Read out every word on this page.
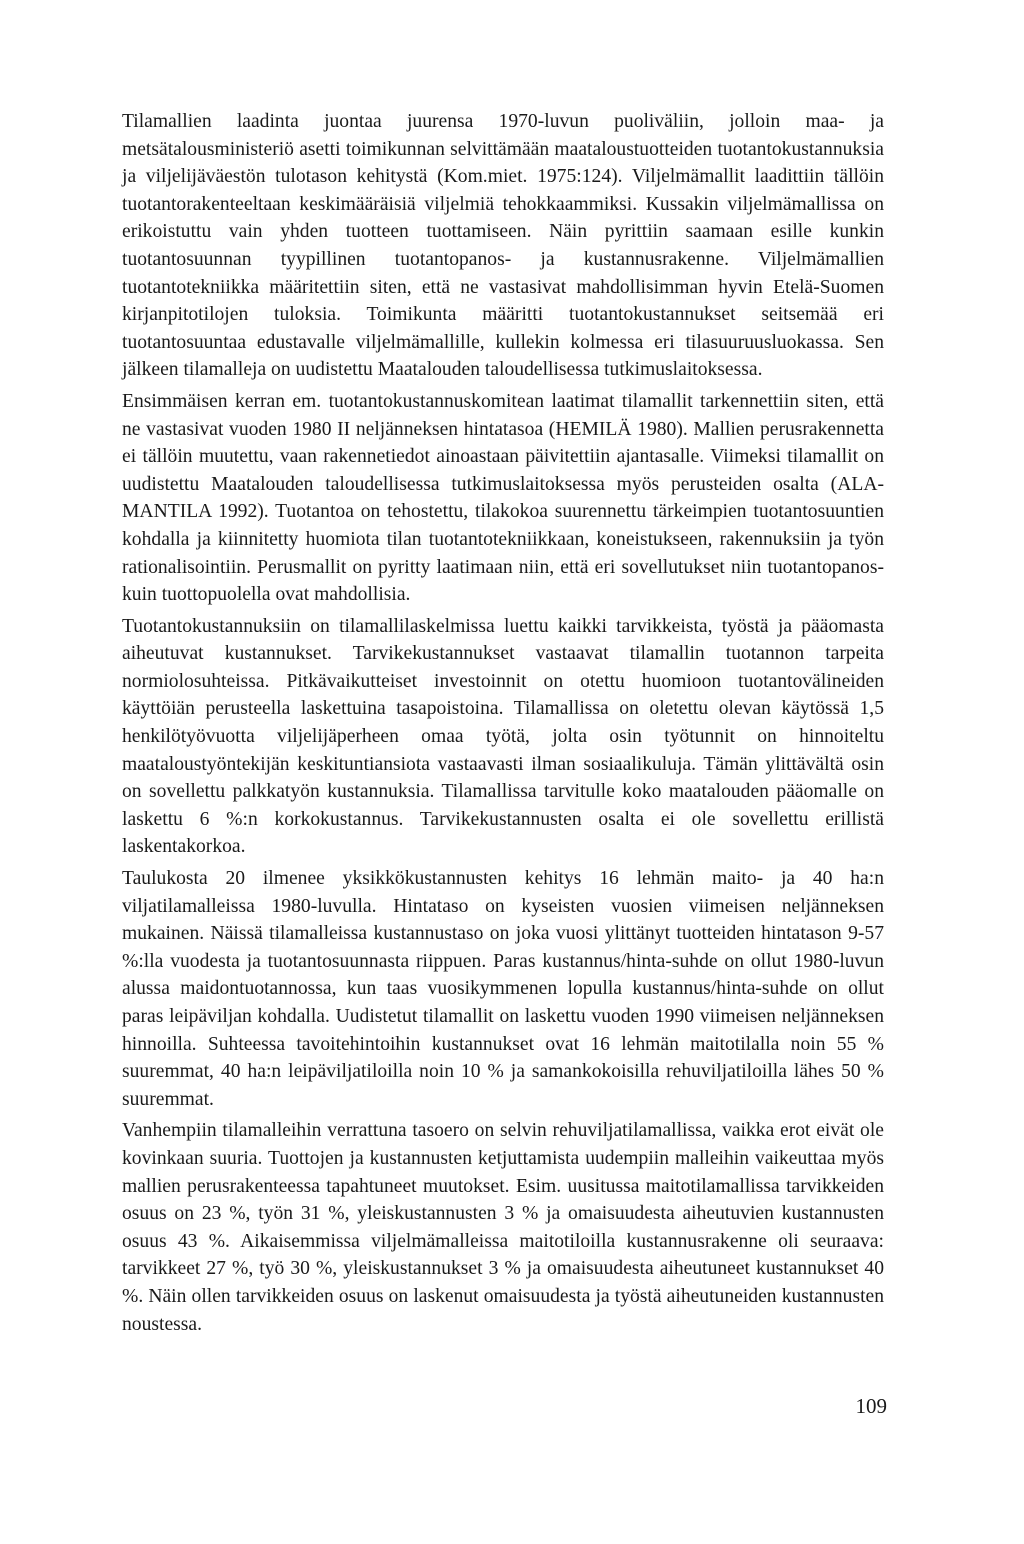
Tilamallien laadinta juontaa juurensa 1970-luvun puoliväliin, jolloin maa- ja metsätalousministeriö asetti toimikunnan selvittämään maataloustuotteiden tuotantokustannuksia ja viljelijäväestön tulotason kehitystä (Kom.miet. 1975:124). Viljelmämallit laadittiin tällöin tuotantorakenteeltaan keskimääräisiä viljelmiä tehokkaammiksi. Kussakin viljelmämallissa on erikoistuttu vain yhden tuotteen tuottamiseen. Näin pyrittiin saamaan esille kunkin tuotantosuunnan tyypillinen tuotantopanos- ja kustannusrakenne. Viljelmämallien tuotantotekniikka määritettiin siten, että ne vastasivat mahdollisimman hyvin Etelä-Suomen kirjanpitotilojen tuloksia. Toimikunta määritti tuotantokustannukset seitsemää eri tuotantosuuntaa edustavalle viljelmämallille, kullekin kolmessa eri tilasuuruusluokassa. Sen jälkeen tilamalleja on uudistettu Maatalouden taloudellisessa tutkimuslaitoksessa.

Ensimmäisen kerran em. tuotantokustannuskomitean laatimat tilamallit tarkennettiin siten, että ne vastasivat vuoden 1980 II neljänneksen hintatasoa (HEMILÄ 1980). Mallien perusrakennetta ei tällöin muutettu, vaan rakennetiedot ainoastaan päivitettiin ajantasalle. Viimeksi tilamallit on uudistettu Maatalouden taloudellisessa tutkimuslaitoksessa myös perusteiden osalta (ALA-MANTILA 1992). Tuotantoa on tehostettu, tilakokoa suurennettu tärkeimpien tuotantosuuntien kohdalla ja kiinnitetty huomiota tilan tuotantotekniikkaan, koneistukseen, rakennuksiin ja työn rationalisointiin. Perusmallit on pyritty laatimaan niin, että eri sovellutukset niin tuotantopanos- kuin tuottopuolella ovat mahdollisia.

Tuotantokustannuksiin on tilamallilaskelmissa luettu kaikki tarvikkeista, työstä ja pääomasta aiheutuvat kustannukset. Tarvikekustannukset vastaavat tilamallin tuotannon tarpeita normiolosuhteissa. Pitkävaikutteiset investoinnit on otettu huomioon tuotantovälineiden käyttöiän perusteella laskettuina tasapoistoina. Tilamallissa on oletettu olevan käytössä 1,5 henkilötyövuotta viljelijäperheen omaa työtä, jolta osin työtunnit on hinnoiteltu maataloustyöntekijän keskituntiansiota vastaavasti ilman sosiaalikuluja. Tämän ylittävältä osin on sovellettu palkkatyön kustannuksia. Tilamallissa tarvitulle koko maatalouden pääomalle on laskettu 6 %:n korkokustannus. Tarvikekustannusten osalta ei ole sovellettu erillistä laskentakorkoa.

Taulukosta 20 ilmenee yksikkökustannusten kehitys 16 lehmän maito- ja 40 ha:n viljatilamalleissa 1980-luvulla. Hintataso on kyseisten vuosien viimeisen neljänneksen mukainen. Näissä tilamalleissa kustannustaso on joka vuosi ylittänyt tuotteiden hintatason 9-57 %:lla vuodesta ja tuotantosuunnasta riippuen. Paras kustannus/hinta-suhde on ollut 1980-luvun alussa maidontuotannossa, kun taas vuosikymmenen lopulla kustannus/hinta-suhde on ollut paras leipäviljan kohdalla. Uudistetut tilamallit on laskettu vuoden 1990 viimeisen neljänneksen hinnoilla. Suhteessa tavoitehintoihin kustannukset ovat 16 lehmän maitotilalla noin 55 % suuremmat, 40 ha:n leipäviljatiloilla noin 10 % ja samankokoisilla rehuviljatiloilla lähes 50 % suuremmat.

Vanhempiin tilamalleihin verrattuna tasoero on selvin rehuviljatilamallissa, vaikka erot eivät ole kovinkaan suuria. Tuottojen ja kustannusten ketjuttamista uudempiin malleihin vaikeuttaa myös mallien perusrakenteessa tapahtuneet muutokset. Esim. uusitussa maitotilamallissa tarvikkeiden osuus on 23 %, työn 31 %, yleiskustannusten 3 % ja omaisuudesta aiheutuvien kustannusten osuus 43 %. Aikaisemmissa viljelmämalleissa maitotiloilla kustannusrakenne oli seuraava: tarvikkeet 27 %, työ 30 %, yleiskustannukset 3 % ja omaisuudesta aiheutuneet kustannukset 40 %. Näin ollen tarvikkeiden osuus on laskenut omaisuudesta ja työstä aiheutuneiden kustannusten noustessa.

109
